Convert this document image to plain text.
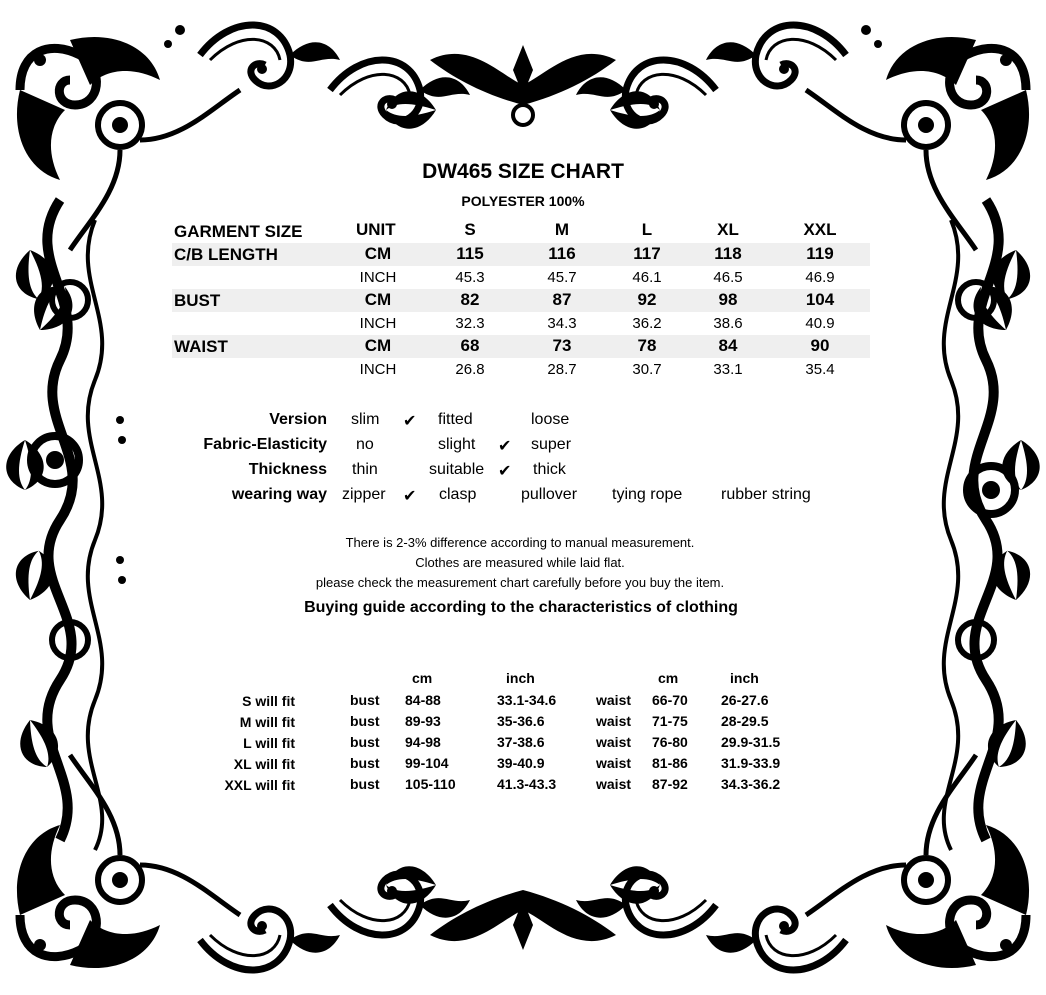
DW465 SIZE CHART
POLYESTER 100%
GARMENT SIZE	UNIT	S	M	L	XL	XXL
C/B LENGTH	CM	115	116	117	118	119
INCH	45.3	45.7	46.1	46.5	46.9
BUST	CM	82	87	92	98	104
INCH	32.3	34.3	36.2	38.6	40.9
WAIST	CM	68	73	78	84	90
INCH	26.8	28.7	30.7	33.1	35.4
Version slim ✔ fitted	loose
Fabric-Elasticity no	slight ✔ super
Thickness thin	suitable ✔ thick
wearing way zipper ✔ clasp	pullover tying rope rubber string
There is 2-3% difference according to manual measurement.
Clothes are measured while laid flat.
please check the measurement chart carefully before you buy the item.
Buying guide according to the characteristics of clothing
cm	inch	cm	inch
S will fit	bust 84-88	33.1-34.6	waist 66-70 26-27.6
M will fit	bust 89-93	35-36.6	waist 71-75 28-29.5
L will fit	bust 94-98	37-38.6	waist 76-80 29.9-31.5
XL will fit	bust 99-104	39-40.9	waist 81-86 31.9-33.9
XXL will fit	bust 105-110	41.3-43.3	waist 87-92 34.3-36.2
